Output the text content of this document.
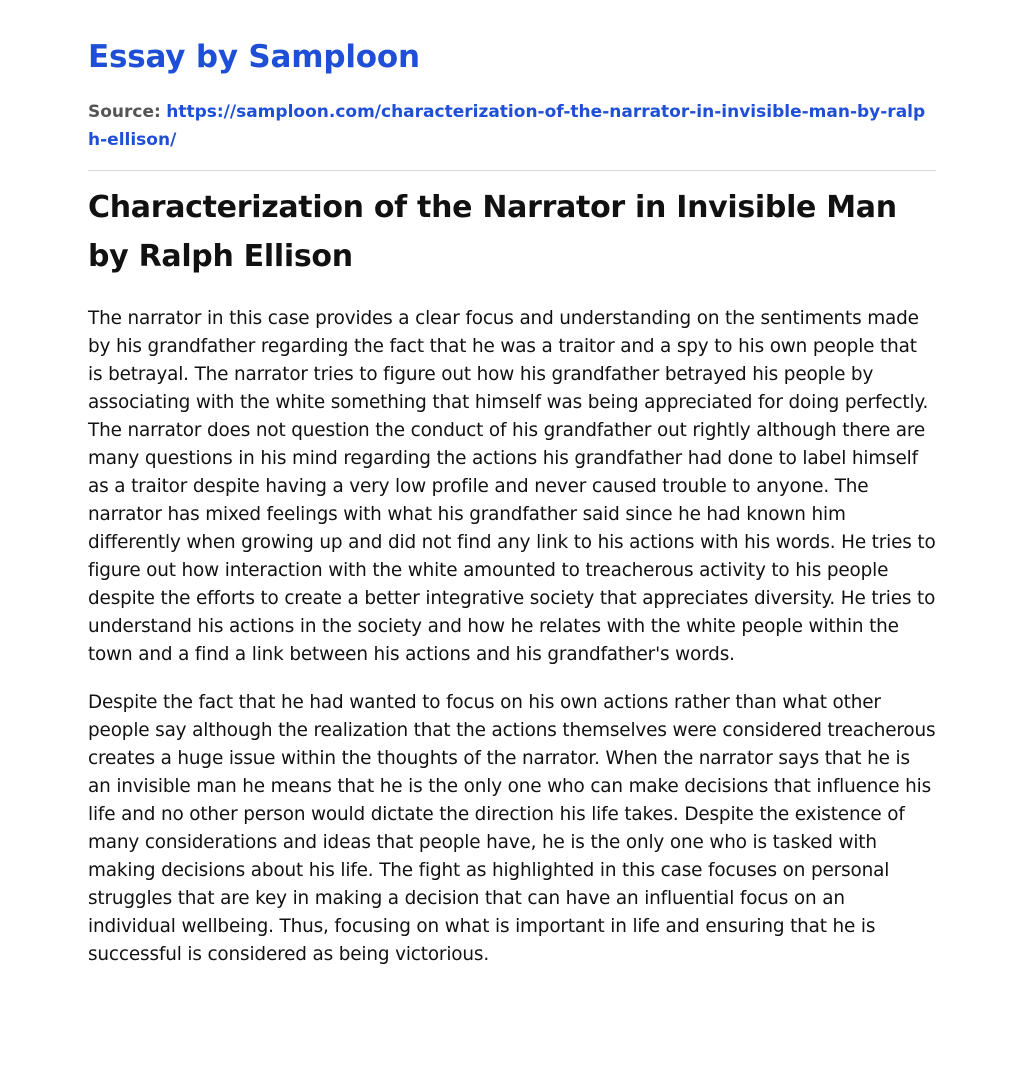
Essay by Samploon
Source: https://samploon.com/characterization-of-the-narrator-in-invisible-man-by-ralph-ellison/
Characterization of the Narrator in Invisible Man by Ralph Ellison

The narrator in this case provides a clear focus and understanding on the sentiments made by his grandfather regarding the fact that he was a traitor and a spy to his own people that is betrayal. The narrator tries to figure out how his grandfather betrayed his people by associating with the white something that himself was being appreciated for doing perfectly. The narrator does not question the conduct of his grandfather out rightly although there are many questions in his mind regarding the actions his grandfather had done to label himself as a traitor despite having a very low profile and never caused trouble to anyone. The narrator has mixed feelings with what his grandfather said since he had known him differently when growing up and did not find any link to his actions with his words. He tries to figure out how interaction with the white amounted to treacherous activity to his people despite the efforts to create a better integrative society that appreciates diversity. He tries to understand his actions in the society and how he relates with the white people within the town and a find a link between his actions and his grandfather's words.

Despite the fact that he had wanted to focus on his own actions rather than what other people say although the realization that the actions themselves were considered treacherous creates a huge issue within the thoughts of the narrator. When the narrator says that he is an invisible man he means that he is the only one who can make decisions that influence his life and no other person would dictate the direction his life takes. Despite the existence of many considerations and ideas that people have, he is the only one who is tasked with making decisions about his life. The fight as highlighted in this case focuses on personal struggles that are key in making a decision that can have an influential focus on an individual wellbeing. Thus, focusing on what is important in life and ensuring that he is successful is considered as being victorious.
